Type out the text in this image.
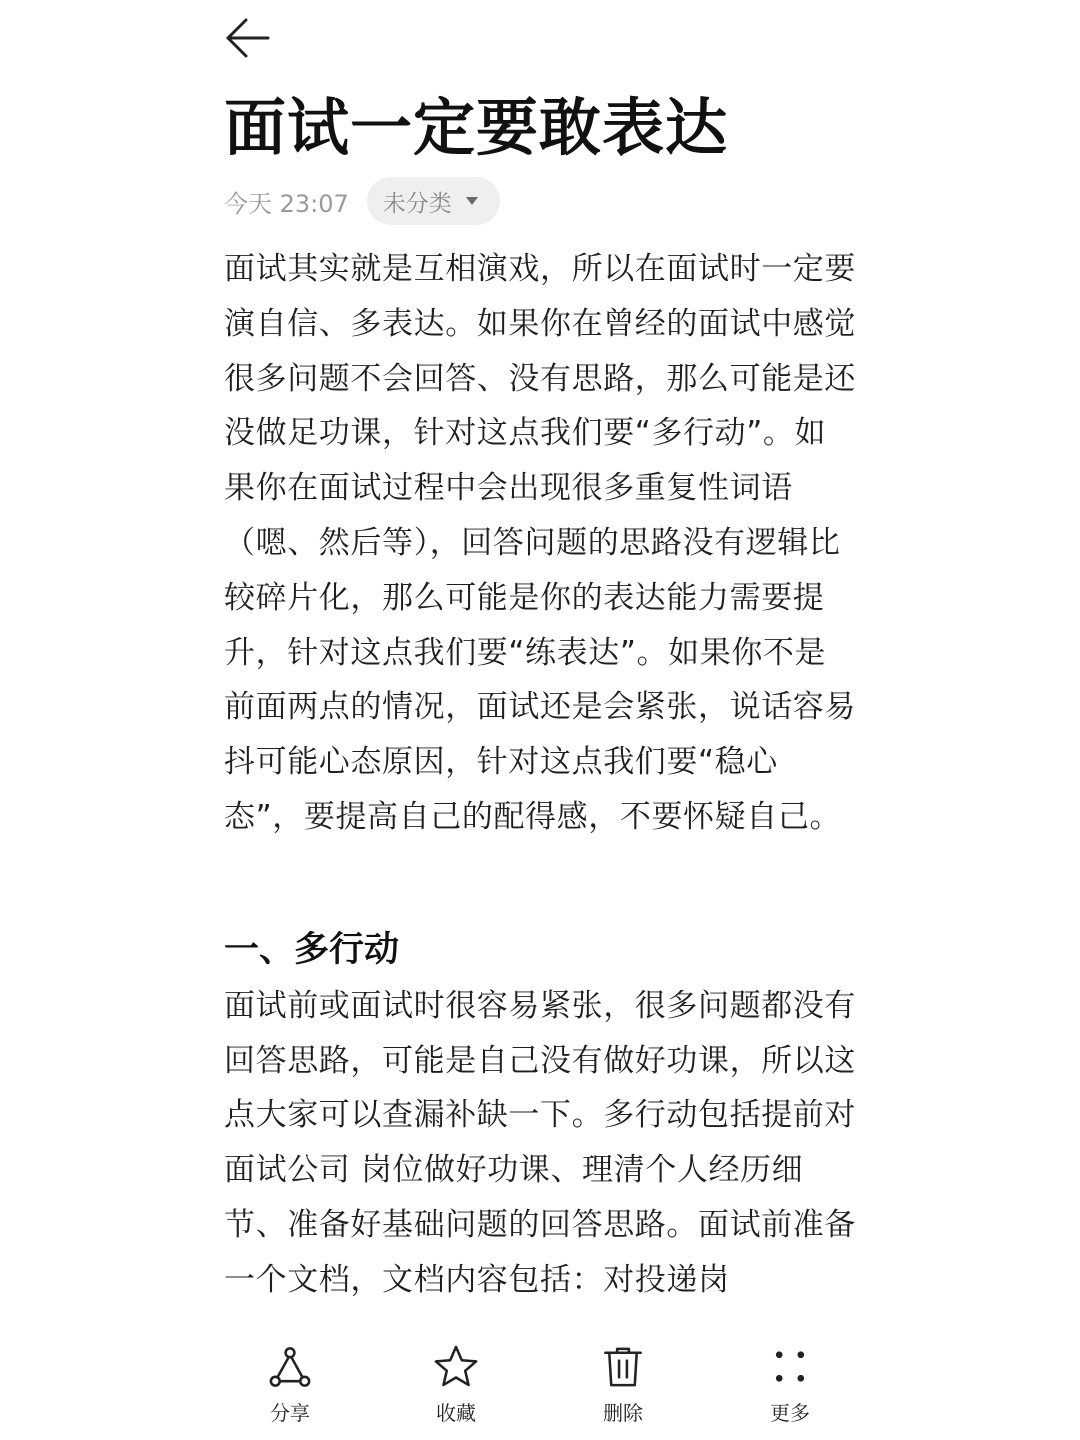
面试一定要敢表达
今天 23:07 未分类

面试其实就是互相演戏，所以在面试时一定要演自信、多表达。如果你在曾经的面试中感觉很多问题不会回答、没有思路，那么可能是还没做足功课，针对这点我们要“多行动”。如果你在面试过程中会出现很多重复性词语（嗯、然后等），回答问题的思路没有逻辑比较碎片化，那么可能是你的表达能力需要提升，针对这点我们要“练表达”。如果你不是前面两点的情况，面试还是会紧张，说话容易抖可能心态原因，针对这点我们要“稳心态”，要提高自己的配得感，不要怀疑自己。

一、多行动

面试前或面试时很容易紧张，很多问题都没有回答思路，可能是自己没有做好功课，所以这点大家可以查漏补缺一下。多行动包括提前对面试公司 岗位做好功课、理清个人经历细节、准备好基础问题的回答思路。面试前准备一个文档，文档内容包括：对投递岗

分享	收藏	删除	更多
